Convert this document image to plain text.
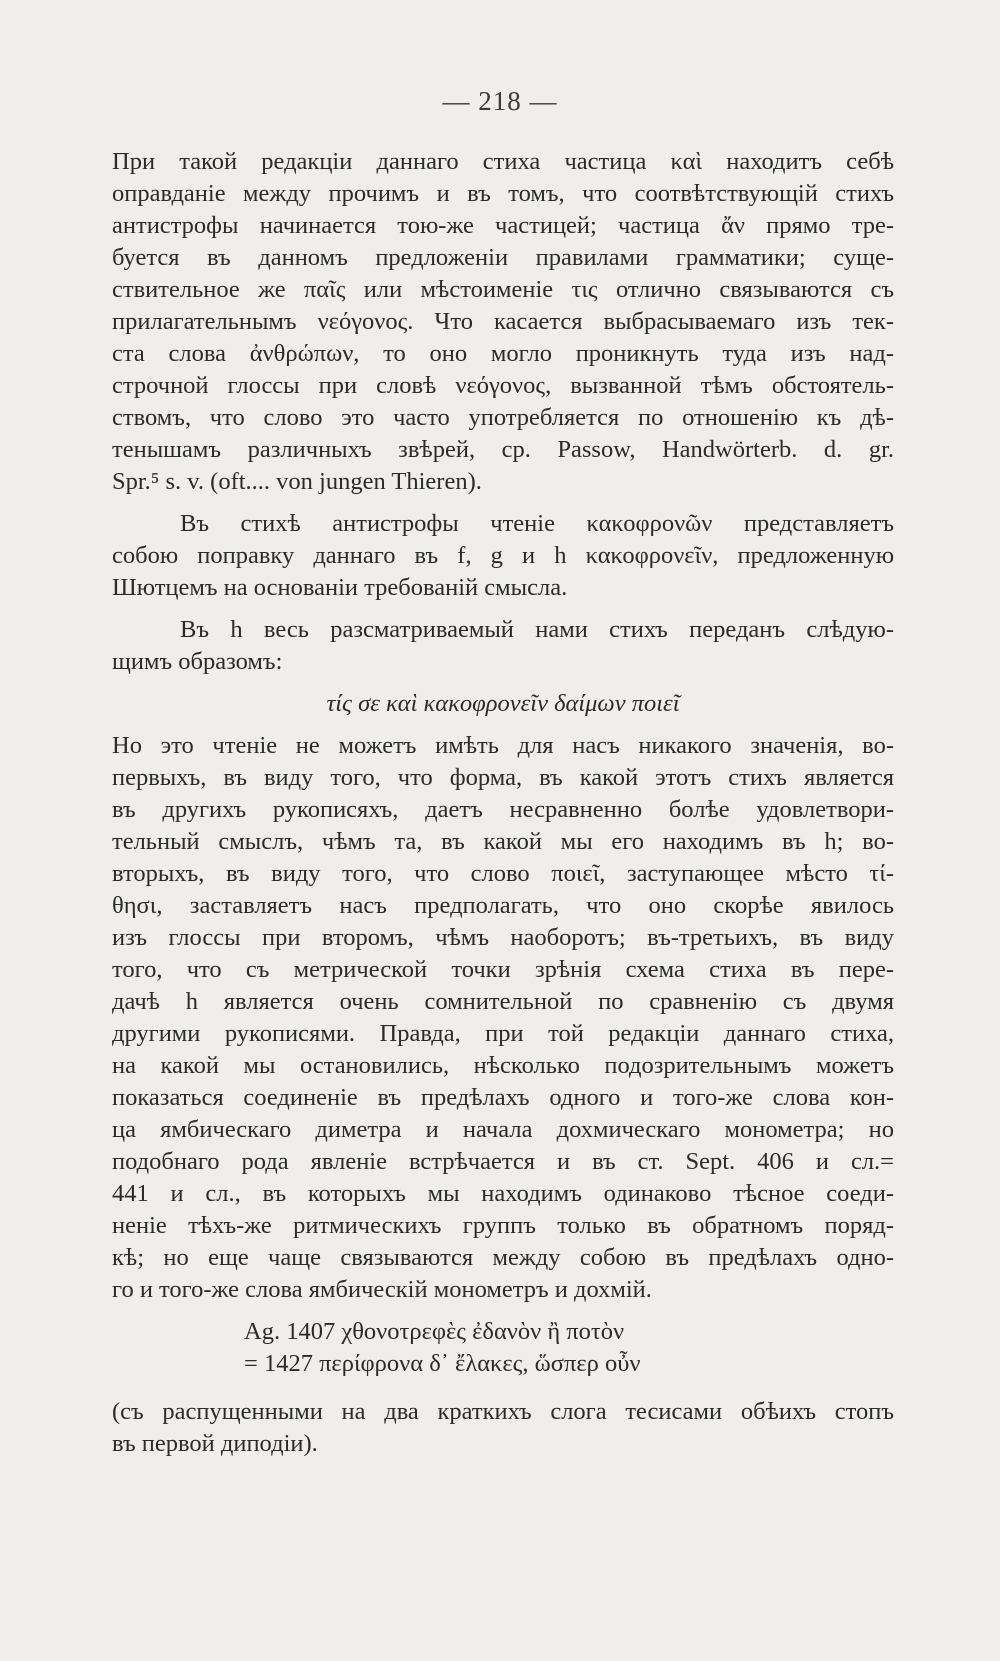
— 218 —
При такой редакціи даннаго стиха частица καὶ находитъ себѣ
оправданіе между прочимъ и въ томъ, что соотвѣтствующій стихъ
антистрофы начинается тою-же частицей; частица ἄν прямо тре-
буется въ данномъ предложеніи правилами грамматики; суще-
ствительное же παῖς или мѣстоименіе τις отлично связываются съ
прилагательнымъ νεόγονος. Что касается выбрасываемаго изъ тек-
ста слова ἀνθρώπων, то оно могло проникнуть туда изъ над-
строчной глоссы при словѣ νεόγονος, вызванной тѣмъ обстоятель-
ствомъ, что слово это часто употребляется по отношенію къ дѣ-
тенышамъ различныхъ звѣрей, ср. Passow, Handwörterb. d. gr.
Spr.⁵ s. v. (oft.... von jungen Thieren).
Въ стихѣ антистрофы чтеніе κακοφρονῶν представляетъ
собою поправку даннаго въ f, g и h κακοφρονεῖν, предложенную
Шютцемъ на основаніи требованій смысла.
Въ h весь разсматриваемый нами стихъ переданъ слѣдую-
щимъ образомъ:
τίς σε καὶ κακοφρονεῖν δαίμων ποιεῖ
Но это чтеніе не можетъ имѣть для насъ никакого значенія, во-
первыхъ, въ виду того, что форма, въ какой этотъ стихъ является
въ другихъ рукописяхъ, даетъ несравненно болѣе удовлетвори-
тельный смыслъ, чѣмъ та, въ какой мы его находимъ въ h; во-
вторыхъ, въ виду того, что слово ποιεῖ, заступающее мѣсто τί-
θησι, заставляетъ насъ предполагать, что оно скорѣе явилось
изъ глоссы при второмъ, чѣмъ наоборотъ; въ-третьихъ, въ виду
того, что съ метрической точки зрѣнія схема стиха въ пере-
дачѣ h является очень сомнительной по сравненію съ двумя
другими рукописями. Правда, при той редакціи даннаго стиха,
на какой мы остановились, нѣсколько подозрительнымъ можетъ
показаться соединеніе въ предѣлахъ одного и того-же слова кон-
ца ямбическаго диметра и начала дохмическаго монометра; но
подобнаго рода явленіе встрѣчается и въ ст. Sept. 406 и сл.=
441 и сл., въ которыхъ мы находимъ одинаково тѣсное соеди-
неніе тѣхъ-же ритмическихъ группъ только въ обратномъ поряд-
кѣ; но еще чаще связываются между собою въ предѣлахъ одно-
го и того-же слова ямбическій монометръ и дохмій.
Ag. 1407 χθονοτρεφὲς ἐδανὸν ἢ ποτὸν
= 1427 περίφρονα δ᾽ ἔλακες, ὥσπερ οὖν
(съ распущенными на два краткихъ слога тесисами обѣихъ стопъ
въ первой диподіи).
